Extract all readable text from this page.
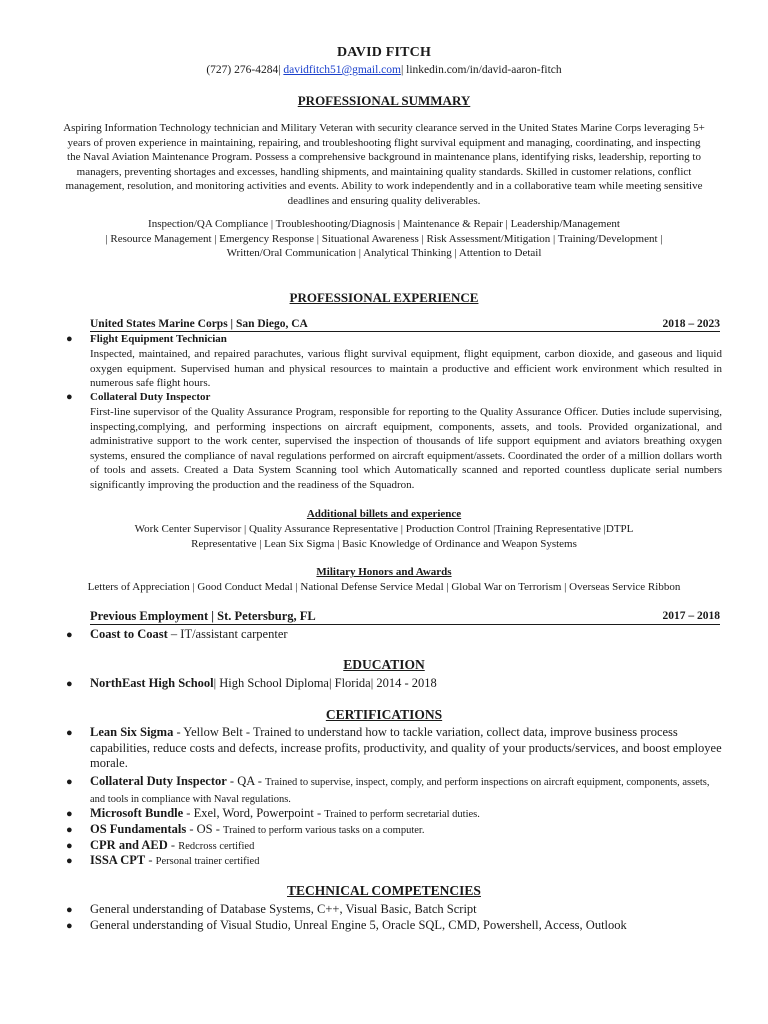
DAVID FITCH
(727) 276-4284| davidfitch51@gmail.com| linkedin.com/in/david-aaron-fitch
PROFESSIONAL SUMMARY
Aspiring Information Technology technician and Military Veteran with security clearance served in the United States Marine Corps leveraging 5+ years of proven experience in maintaining, repairing, and troubleshooting flight survival equipment and managing, coordinating, and inspecting the Naval Aviation Maintenance Program. Possess a comprehensive background in maintenance plans, identifying risks, leadership, reporting to managers, preventing shortages and excesses, handling shipments, and maintaining quality standards. Skilled in customer relations, conflict management, resolution, and monitoring activities and events. Ability to work independently and in a collaborative team while meeting sensitive deadlines and ensuring quality deliverables.
Inspection/QA Compliance | Troubleshooting/Diagnosis | Maintenance & Repair | Leadership/Management
| Resource Management | Emergency Response | Situational Awareness | Risk Assessment/Mitigation | Training/Development |
Written/Oral Communication | Analytical Thinking | Attention to Detail
PROFESSIONAL EXPERIENCE
United States Marine Corps | San Diego, CA	2018 – 2023
● Flight Equipment Technician
Inspected, maintained, and repaired parachutes, various flight survival equipment, flight equipment, carbon dioxide, and gaseous and liquid oxygen equipment. Supervised human and physical resources to maintain a productive and efficient work environment which resulted in numerous safe flight hours.
● Collateral Duty Inspector
First-line supervisor of the Quality Assurance Program, responsible for reporting to the Quality Assurance Officer. Duties include supervising, inspecting,complying, and performing inspections on aircraft equipment, components, assets, and tools. Provided organizational, and administrative support to the work center, supervised the inspection of thousands of life support equipment and aviators breathing oxygen systems, ensured the compliance of naval regulations performed on aircraft equipment/assets. Coordinated the order of a million dollars worth of tools and assets. Created a Data System Scanning tool which Automatically scanned and reported countless duplicate serial numbers significantly improving the production and the readiness of the Squadron.
Additional billets and experience
Work Center Supervisor | Quality Assurance Representative | Production Control |Training Representative |DTPL
Representative | Lean Six Sigma | Basic Knowledge of Ordinance and Weapon Systems
Military Honors and Awards
Letters of Appreciation | Good Conduct Medal | National Defense Service Medal | Global War on Terrorism | Overseas Service Ribbon
Previous Employment | St. Petersburg, FL	2017 – 2018
● Coast to Coast – IT/assistant carpenter
EDUCATION
● NorthEast High School| High School Diploma| Florida| 2014 - 2018
CERTIFICATIONS
● Lean Six Sigma - Yellow Belt - Trained to understand how to tackle variation, collect data, improve business process capabilities, reduce costs and defects, increase profits, productivity, and quality of your products/services, and boost employee morale.
● Collateral Duty Inspector - QA - Trained to supervise, inspect, comply, and perform inspections on aircraft equipment, components, assets, and tools in compliance with Naval regulations.
● Microsoft Bundle - Exel, Word, Powerpoint - Trained to perform secretarial duties.
● OS Fundamentals - OS - Trained to perform various tasks on a computer.
● CPR and AED - Redcross certified
● ISSA CPT - Personal trainer certified
TECHNICAL COMPETENCIES
● General understanding of Database Systems, C++, Visual Basic, Batch Script
● General understanding of Visual Studio, Unreal Engine 5, Oracle SQL, CMD, Powershell, Access, Outlook
